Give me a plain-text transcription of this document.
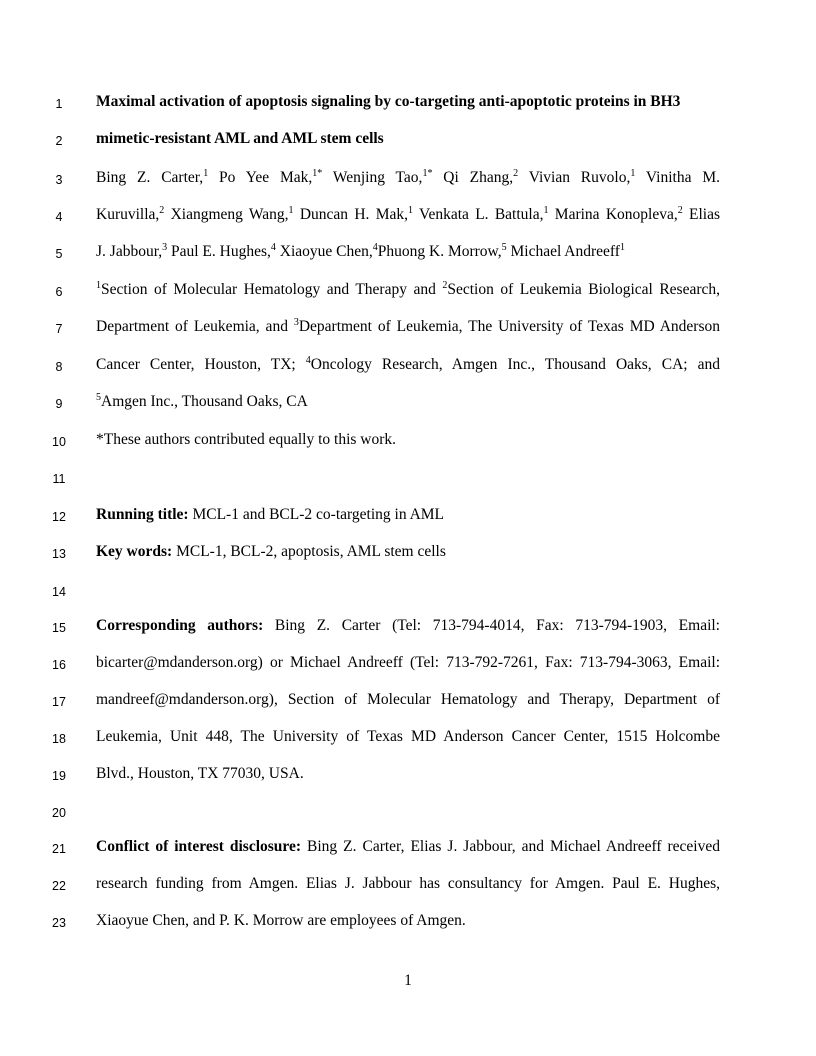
1	Maximal activation of apoptosis signaling by co-targeting anti-apoptotic proteins in BH3
2	mimetic-resistant AML and AML stem cells
3	Bing Z. Carter,$^1$ Po Yee Mak,$^{1*}$ Wenjing Tao,$^{1*}$ Qi Zhang,$^2$ Vivian Ruvolo,$^1$ Vinitha M.
4	Kuruvilla,$^2$ Xiangmeng Wang,$^1$ Duncan H. Mak,$^1$ Venkata L. Battula,$^1$ Marina Konopleva,$^2$ Elias
5	J. Jabbour,$^3$ Paul E. Hughes,$^4$ Xiaoyue Chen,$^4$Phuong K. Morrow,$^5$ Michael Andreeff$^1$
6	$^1$Section of Molecular Hematology and Therapy and $^2$Section of Leukemia Biological Research,
7	Department of Leukemia, and $^3$Department of Leukemia, The University of Texas MD Anderson
8	Cancer Center, Houston, TX; $^4$Oncology Research, Amgen Inc., Thousand Oaks, CA; and
9	$^5$Amgen Inc., Thousand Oaks, CA
10	*These authors contributed equally to this work.
11
12	Running title: MCL-1 and BCL-2 co-targeting in AML
13	Key words: MCL-1, BCL-2, apoptosis, AML stem cells
14
15	Corresponding authors: Bing Z. Carter (Tel: 713-794-4014, Fax: 713-794-1903, Email:
16	bicarter@mdanderson.org) or Michael Andreeff (Tel: 713-792-7261, Fax: 713-794-3063, Email:
17	mandreef@mdanderson.org), Section of Molecular Hematology and Therapy, Department of
18	Leukemia, Unit 448, The University of Texas MD Anderson Cancer Center, 1515 Holcombe
19	Blvd., Houston, TX 77030, USA.
20
21	Conflict of interest disclosure: Bing Z. Carter, Elias J. Jabbour, and Michael Andreeff received
22	research funding from Amgen. Elias J. Jabbour has consultancy for Amgen. Paul E. Hughes,
23	Xiaoyue Chen, and P. K. Morrow are employees of Amgen.
1
